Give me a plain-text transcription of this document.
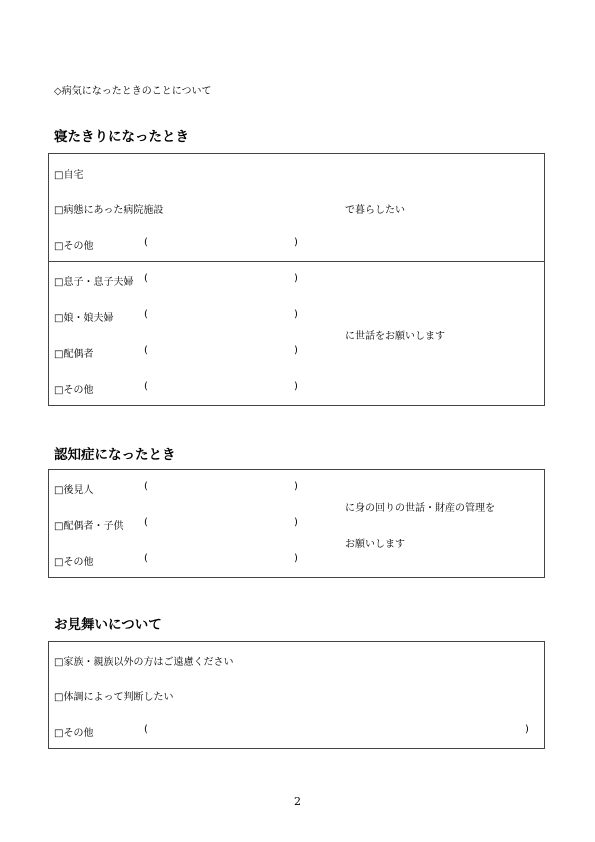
◇病気になったときのことについて
寝たきりになったとき
□自宅
□病態にあった病院施設	で暮らしたい
□その他	(	)
□息子・息子夫婦 (	)
□娘・娘夫婦	(	)
に世話をお願いします
□配偶者	(	)
□その他	(	)
認知症になったとき
□後見人	(	)
に身の回りの世話・財産の管理を
□配偶者・子供 (	)
お願いします
□その他	(	)
お見舞いについて
□家族・親族以外の方はご遠慮ください
□体調によって判断したい
□その他	(	)
2
